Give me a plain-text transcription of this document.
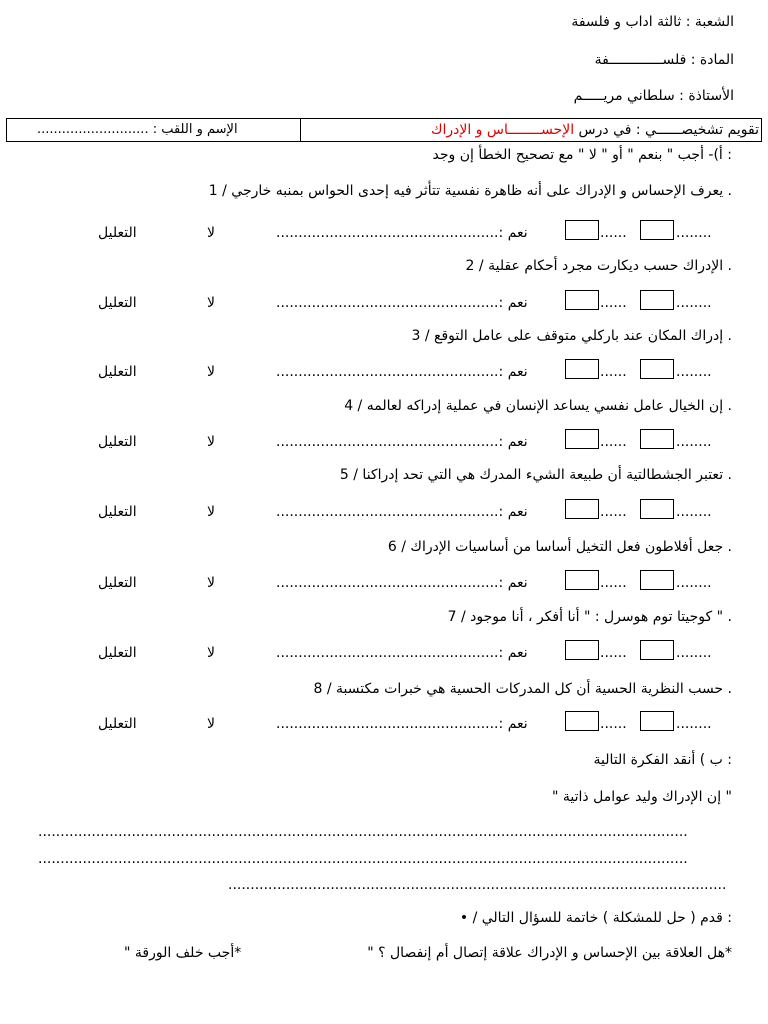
الشعبة : ثالثة اداب و فلسفة
المادة : فلســـــــــــــفة
الأستاذة : سلطاني مريـــــم
........................... : الإسم و اللقب	تقويم تشخيصــــــي : في درس الإحســــــــاس و الإدراك
: أ)- أجب " بنعم " أو " لا " مع تصحيح الخطأ إن وجد
. يعرف الإحساس و الإدراك على أنه ظاهرة نفسية تتأثر فيه إحدى الحواس بمنبه خارجي / 1
التعليل	لا	..................................................: نعم	......	........
. الإدراك حسب ديكارت مجرد أحكام عقلية / 2
التعليل	لا	..................................................: نعم	......	........
. إدراك المكان عند باركلي متوقف على عامل التوقع / 3
التعليل	لا	..................................................: نعم	......	........
. إن الخيال عامل نفسي يساعد الإنسان في عملية إدراكه لعالمه / 4
التعليل	لا	..................................................: نعم	......	........
. تعتبر الجشطالتية أن طبيعة الشيء المدرك هي التي تحد إدراكنا / 5
التعليل	لا	..................................................: نعم	......	........
. جعل أفلاطون فعل التخيل أساسا من أساسيات الإدراك / 6
التعليل	لا	..................................................: نعم	......	........
. " كوجيتا توم هوسرل : " أنا أفكر ، أنا موجود / 7
التعليل	لا	..................................................: نعم	......	........
. حسب النظرية الحسية أن كل المدركات الحسية هي خبرات مكتسبة / 8
التعليل	لا	..................................................: نعم	......	........
: ب ) أنقد الفكرة التالية
" إن الإدراك وليد عوامل ذاتية "
..................................................................................................................................................
..................................................................................................................................................
................................................................................................................
: قدم ( حل للمشكلة ) خاتمة للسؤال التالي / •
*هل العلاقة بين الإحساس و الإدراك علاقة إتصال أم إنفصال ؟ "
*أجب خلف الورقة "
